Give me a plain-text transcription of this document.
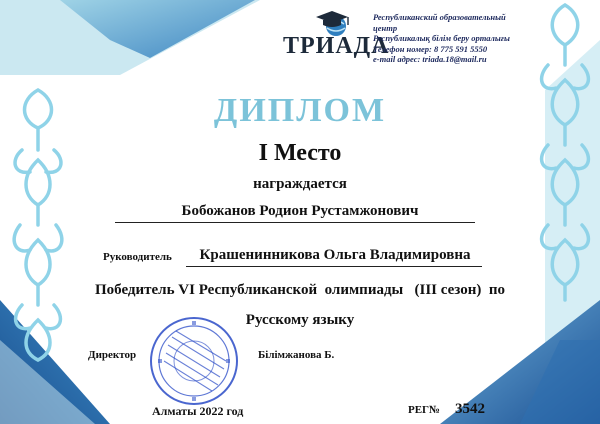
ТРИАДА
Республиканский образовательный
центр
Республикалық білім беру орталығы
Телефон номер: 8 775 591 5550
e-mail адрес: triada.18@mail.ru
ДИПЛОМ
I Место
награждается
Бобожанов Родион Рустамжонович
Руководитель	Крашенинникова Ольга Владимировна
Победитель VI Республиканской  олимпиады   (III сезон)  по
Русскому языку
Директор	Білімжанова Б.
Алматы 2022 год	РЕГ№ 3542
